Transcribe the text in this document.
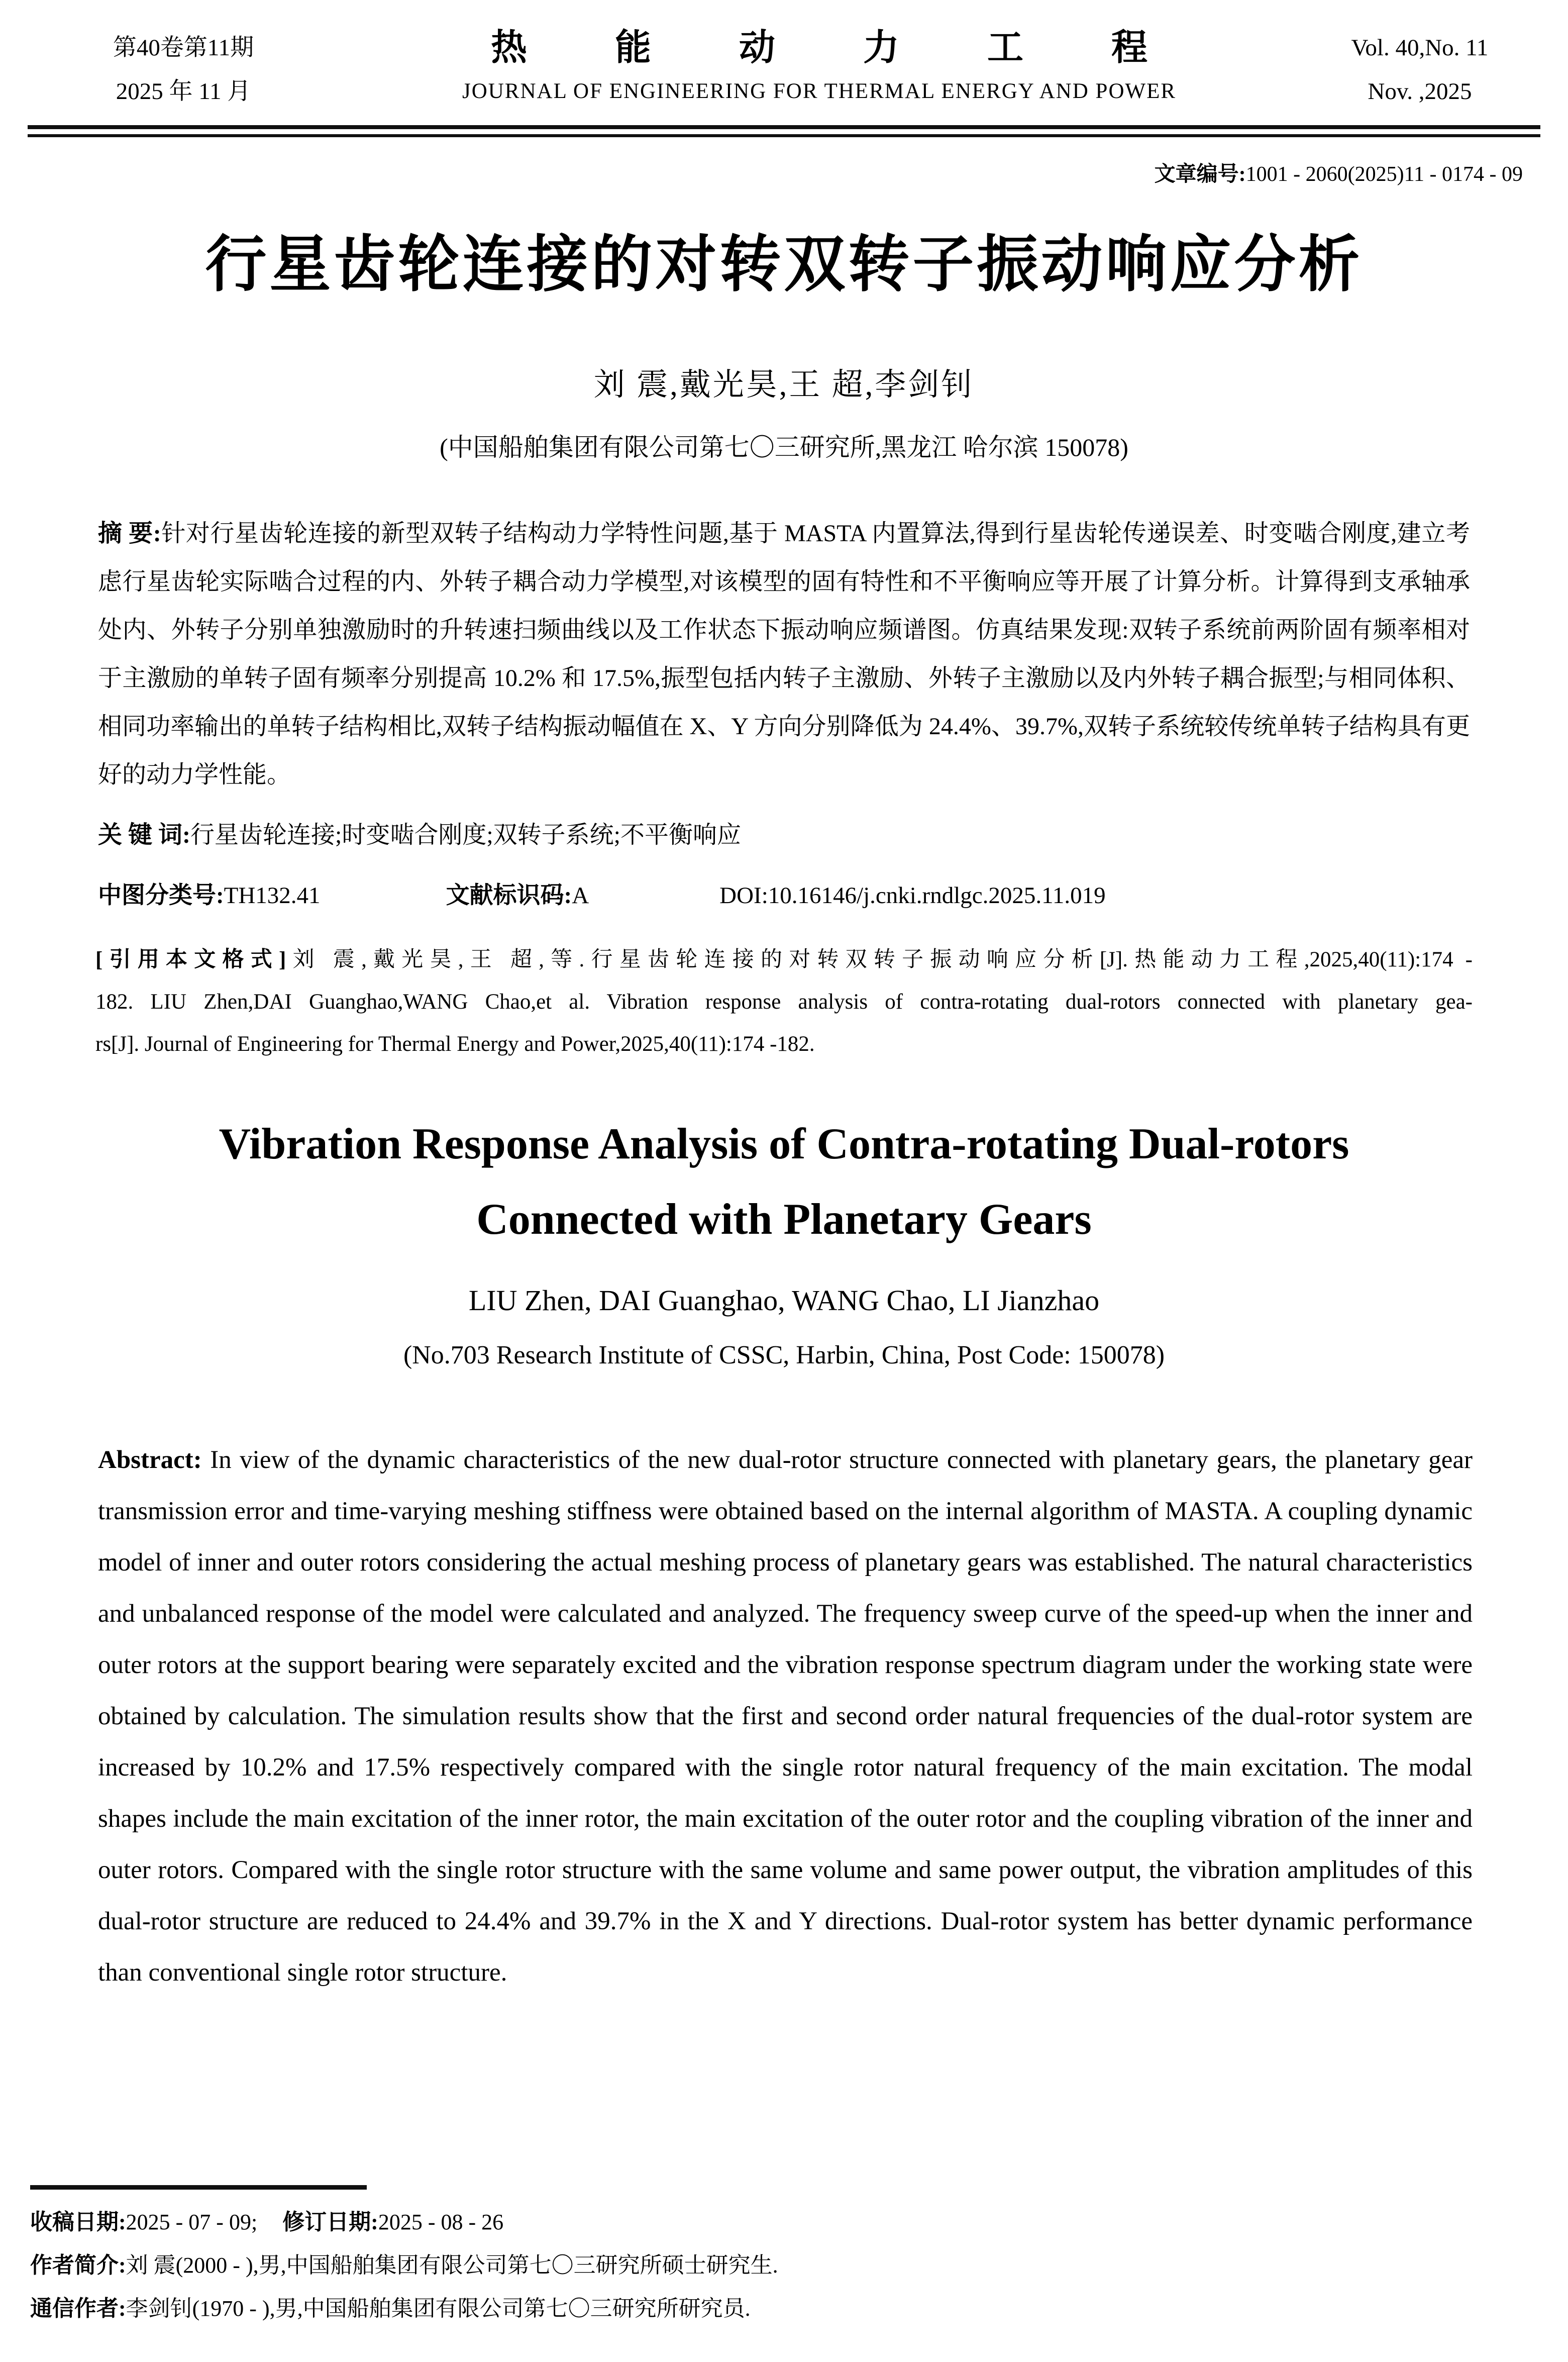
第40卷第11期
2025 年 11 月
热能动力工程
JOURNAL OF ENGINEERING FOR THERMAL ENERGY AND POWER
Vol. 40,No. 11
Nov. ,2025
文章编号:1001 - 2060(2025)11 - 0174 - 09
行星齿轮连接的对转双转子振动响应分析
刘 震,戴光昊,王 超,李剑钊
(中国船舶集团有限公司第七〇三研究所,黑龙江 哈尔滨 150078)

摘 要:针对行星齿轮连接的新型双转子结构动力学特性问题,基于 MASTA 内置算法,得到行星齿轮传递误差、时变啮合刚度,建立考虑行星齿轮实际啮合过程的内、外转子耦合动力学模型,对该模型的固有特性和不平衡响应等开展了计算分析。计算得到支承轴承处内、外转子分别单独激励时的升转速扫频曲线以及工作状态下振动响应频谱图。仿真结果发现:双转子系统前两阶固有频率相对于主激励的单转子固有频率分别提高 10.2% 和 17.5%,振型包括内转子主激励、外转子主激励以及内外转子耦合振型;与相同体积、相同功率输出的单转子结构相比,双转子结构振动幅值在 X、Y 方向分别降低为 24.4%、39.7%,双转子系统较传统单转子结构具有更好的动力学性能。

关 键 词:行星齿轮连接;时变啮合刚度;双转子系统;不平衡响应

中图分类号:TH132.41	文献标识码:A	DOI:10.16146/j.cnki.rndlgc.2025.11.019

[引用本文格式]刘 震,戴光昊,王 超,等.行星齿轮连接的对转双转子振动响应分析[J].热能动力工程,2025,40(11):174 -
182. LIU Zhen,DAI Guanghao,WANG Chao,et al. Vibration response analysis of contra-rotating dual-rotors connected with planetary gea-
rs[J]. Journal of Engineering for Thermal Energy and Power,2025,40(11):174 -182.
Vibration Response Analysis of Contra-rotating Dual-rotors
Connected with Planetary Gears
LIU Zhen, DAI Guanghao, WANG Chao, LI Jianzhao
(No.703 Research Institute of CSSC, Harbin, China, Post Code: 150078)

Abstract: In view of the dynamic characteristics of the new dual-rotor structure connected with planetary gears, the planetary gear transmission error and time-varying meshing stiffness were obtained based on the internal algorithm of MASTA. A coupling dynamic model of inner and outer rotors considering the actual meshing process of planetary gears was established. The natural characteristics and unbalanced response of the model were calculated and analyzed. The frequency sweep curve of the speed-up when the inner and outer rotors at the support bearing were separately excited and the vibration response spectrum diagram under the working state were obtained by calculation. The simulation results show that the first and second order natural frequencies of the dual-rotor system are increased by 10.2% and 17.5% respectively compared with the single rotor natural frequency of the main excitation. The modal shapes include the main excitation of the inner rotor, the main excitation of the outer rotor and the coupling vibration of the inner and outer rotors. Compared with the single rotor structure with the same volume and same power output, the vibration amplitudes of this dual-rotor structure are reduced to 24.4% and 39.7% in the X and Y directions. Dual-rotor system has better dynamic performance than conventional single rotor structure.

收稿日期:2025 - 07 - 09; 修订日期:2025 - 08 - 26
作者简介:刘 震(2000 - ),男,中国船舶集团有限公司第七〇三研究所硕士研究生.
通信作者:李剑钊(1970 - ),男,中国船舶集团有限公司第七〇三研究所研究员.
